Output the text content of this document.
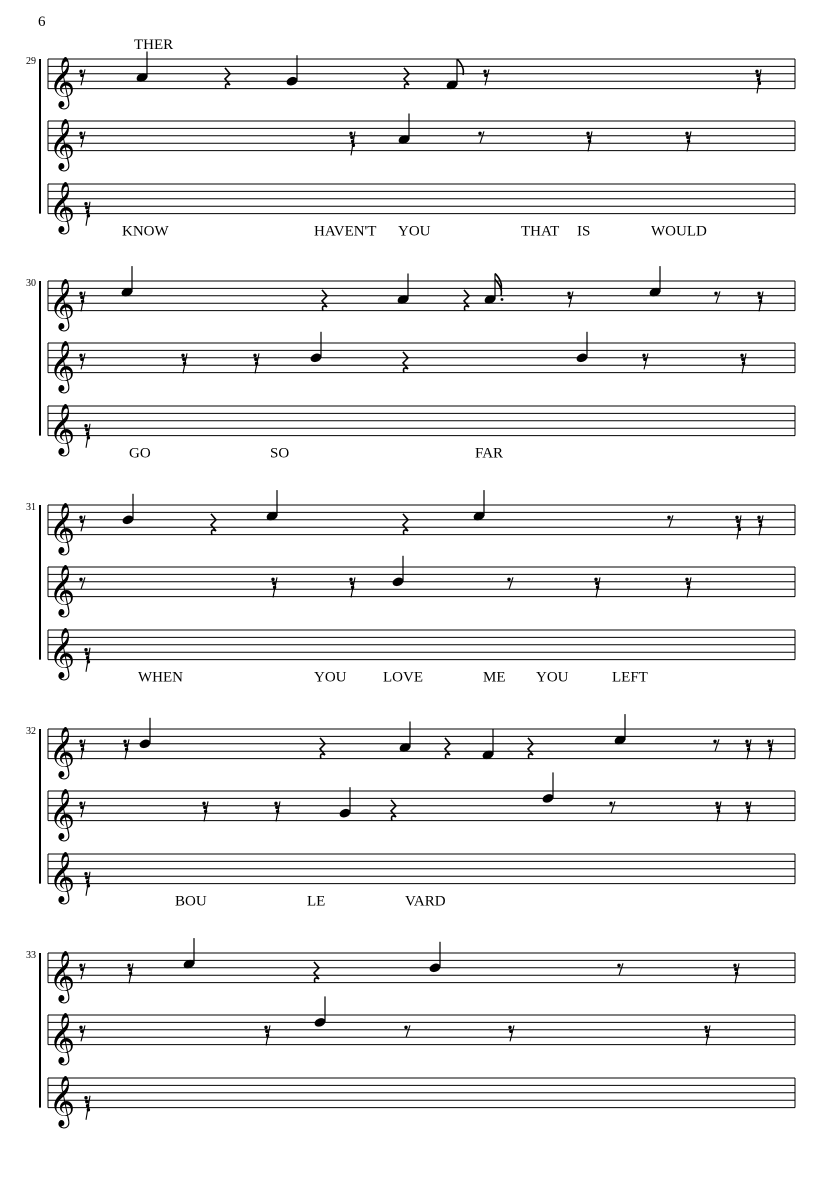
29 𝄞
𝄞
𝄞
THER
KNOW	HAVEN'T YOU	THAT IS	WOULD
30 𝄞
𝄞
𝄞	GO	SO	FAR
31 𝄞
𝄞
𝄞	WHEN	YOU LOVE	ME YOU	LEFT
32 𝄞
𝄞
𝄞	BOU	LE	VARD
33 𝄞
𝄞
𝄞
6
